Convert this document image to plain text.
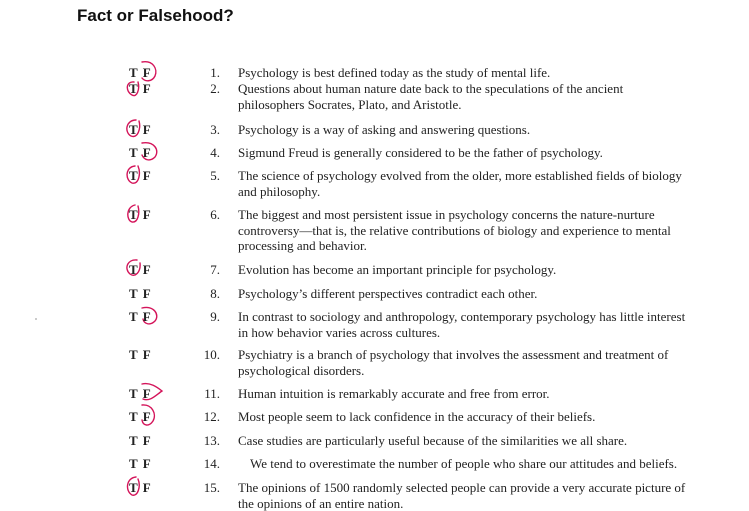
Fact or Falsehood?
T F	1. Psychology is best defined today as the study of mental life.
T F	2. Questions about human nature date back to the speculations of the ancient philosophers Socrates, Plato, and Aristotle.
T F	3. Psychology is a way of asking and answering questions.
T F	4. Sigmund Freud is generally considered to be the father of psychology.
T F	5. The science of psychology evolved from the older, more established fields of biology and philosophy.
T F	6. The biggest and most persistent issue in psychology concerns the nature-nurture controversy—that is, the relative contributions of biology and experience to mental processing and behavior.
T F	7. Evolution has become an important principle for psychology.
T F	8. Psychology’s different perspectives contradict each other.
T F	9. In contrast to sociology and anthropology, contemporary psychology has little interest in how behavior varies across cultures.
T F	10. Psychiatry is a branch of psychology that involves the assessment and treatment of psychological disorders.
T F	11. Human intuition is remarkably accurate and free from error.
T F	12. Most people seem to lack confidence in the accuracy of their beliefs.
T F	13. Case studies are particularly useful because of the similarities we all share.
T F	14. We tend to overestimate the number of people who share our attitudes and beliefs.
T F	15. The opinions of 1500 randomly selected people can provide a very accurate picture of the opinions of an entire nation.
